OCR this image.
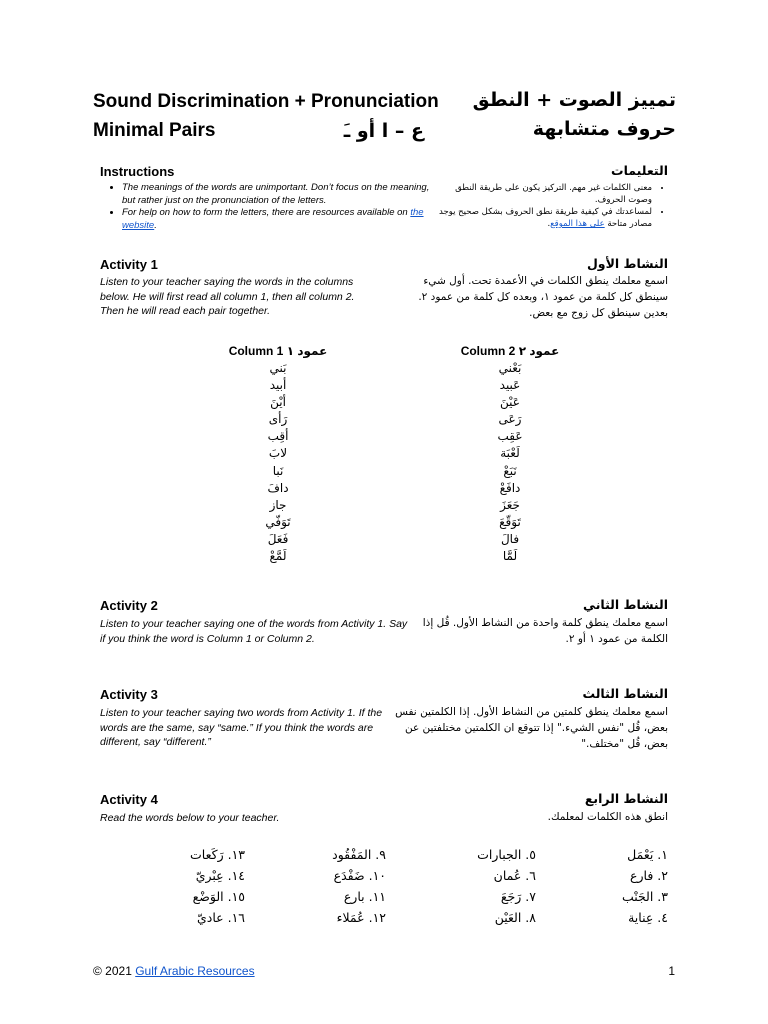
Sound Discrimination + Pronunciation
Minimal Pairs
تمييز الصوت + النطق
حروف متشابهة
ع – ا أو ـَ
Instructions
• The meanings of the words are unimportant. Don’t focus on the meaning, but rather just on the pronunciation of the letters.
• For help on how to form the letters, there are resources available on the website.
التعليمات
• معنى الكلمات غير مهم. التركيز يكون على طريقة النطق وصوت الحروف.
• لمساعدتك في كيفية طريقة نطق الحروف بشكل صحيح يوجد مصادر متاحة على هذا الموقع.
Activity 1
Listen to your teacher saying the words in the columns below. He will first read all column 1, then all column 2. Then he will read each pair together.
النشاط الأول
اسمع معلمك ينطق الكلمات في الأعمدة تحت. أول شيء سينطق كل كلمة من عمود ١، وبعده كل كلمة من عمود ٢. بعدين سينطق كل زوج مع بعض.
Column 1 عمود ١
بَني
أبيد
أيْنَ
رَأى
أقِب
لابَ
نَبا
دافَ
جاز
تَوَفّي
فَعَلَ
لَمَّعْ
Column 2 عمود ٢
بَعْني
عَبيد
عَيْنَ
رَعَى
عَقِب
لَعْبَة
نَبَعْ
دافَعْ
جَعَزَ
تَوَقّعَ
فالَ
لَمَّا
Activity 2
Listen to your teacher saying one of the words from Activity 1. Say if you think the word is Column 1 or Column 2.
النشاط الثاني
اسمع معلمك ينطق كلمة واحدة من النشاط الأول. قُل إذا الكلمة من عمود ١ أو ٢.
Activity 3
Listen to your teacher saying two words from Activity 1. If the words are the same, say “same.” If you think the words are different, say “different.”
النشاط الثالث
اسمع معلمك ينطق كلمتين من النشاط الأول. إذا الكلمتين نفس بعض، قُل "نفس الشيء." إذا تتوقع ان الكلمتين مختلفتين عن بعض، قُل "مختلف."
Activity 4
Read the words below to your teacher.
النشاط الرابع
انطق هذه الكلمات لمعلمك.
١. يَعْمَل
٢. فارع
٣. الجَنْب
٤. عِناية
٥. الجبارات
٦. عُمان
٧. رَجَعَ
٨. العَيْن
٩. المَفْقُود
١٠. ضَفْدَع
١١. بارع
١٢. عُمَلاء
١٣. رَكَعات
١٤. عِبْريّ
١٥. الوَضْع
١٦. عاديّ
© 2021 Gulf Arabic Resources	1
